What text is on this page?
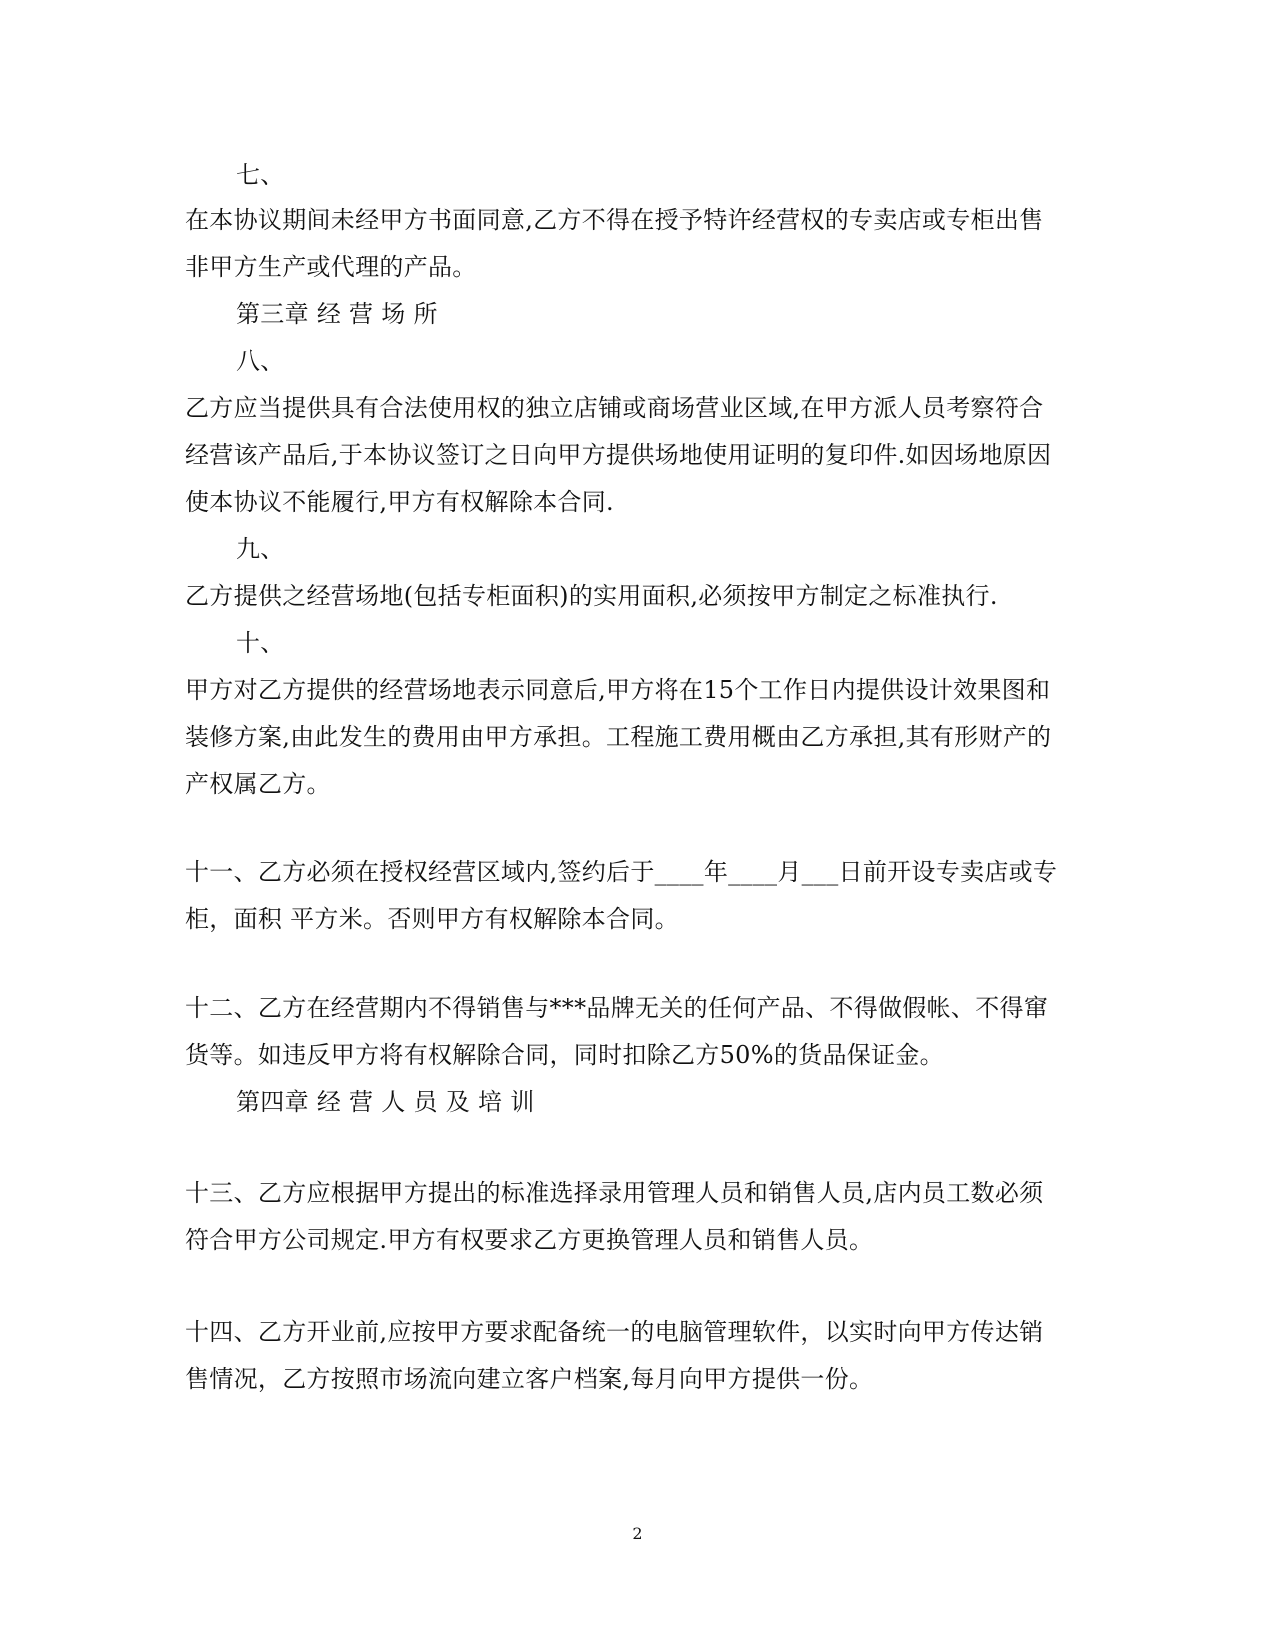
七、
在本协议期间未经甲方书面同意,乙方不得在授予特许经营权的专卖店或专柜出售
非甲方生产或代理的产品。
第三章 经 营 场 所
八、
乙方应当提供具有合法使用权的独立店铺或商场营业区域,在甲方派人员考察符合
经营该产品后,于本协议签订之日向甲方提供场地使用证明的复印件.如因场地原因
使本协议不能履行,甲方有权解除本合同.
九、
乙方提供之经营场地(包括专柜面积)的实用面积,必须按甲方制定之标准执行.
十、
甲方对乙方提供的经营场地表示同意后,甲方将在15个工作日内提供设计效果图和
装修方案,由此发生的费用由甲方承担。工程施工费用概由乙方承担,其有形财产的
产权属乙方。
十一、乙方必须在授权经营区域内,签约后于____年____月___日前开设专卖店或专
柜，面积 平方米。否则甲方有权解除本合同。
十二、乙方在经营期内不得销售与***品牌无关的任何产品、不得做假帐、不得窜
货等。如违反甲方将有权解除合同，同时扣除乙方50%的货品保证金。
第四章 经 营 人 员 及 培 训
十三、乙方应根据甲方提出的标准选择录用管理人员和销售人员,店内员工数必须
符合甲方公司规定.甲方有权要求乙方更换管理人员和销售人员。
十四、乙方开业前,应按甲方要求配备统一的电脑管理软件，以实时向甲方传达销
售情况，乙方按照市场流向建立客户档案,每月向甲方提供一份。
2
